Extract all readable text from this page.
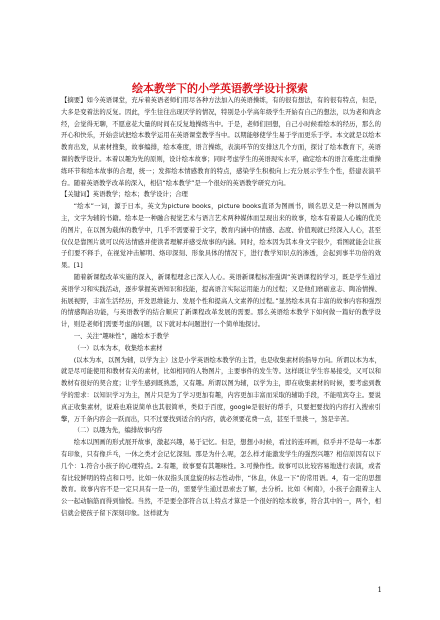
​
绘本教学下的小学英语教学设计探索

【摘要】如今英语课堂，充斥着英语老师们用尽各种方法加入的英语操练，有的很有想法，有的很有特点，但是，大多是变着法的反复。因此，学生往往出现厌学的情况，特别是小学高年级学生开始有自己的想法，以为老和尚念经，会觉得无聊，不愿意花大量的时间在反复地操练当中。于是，老师们回想，自己小时候看绘本的经历，那么的开心和快乐，开始尝试把绘本教学运用在英语课堂教学当中。以期能够使学生易于学而更乐于学。本文就是以绘本教育出发，从素材搜集，故事编排，绘本难度，语言操练，表演环节的安排这几个方面，探讨了绘本教育下，英语课的教学设计。本着以趣为先的原则，设计绘本故事；同时考虑学生的英语现实水平，确定绘本的语言难度;注重操练环节和绘本故事的合理，统一；发挥绘本情感教育的特点，感染学生积极向上;充分展示学生个性，搭建表演平台。随着英语教学改革的深入，相信“绘本教学”是一个很好的英语教学研究方向。

【关键词】英语教学；绘本；教学设计；合理

“绘本”一词，源于日本，英文为picture books，picture books直译为图画书，顾名思义是一种以图画为主，文字为辅的书籍。绘本是一种融合视觉艺术与语言艺术两种媒体而呈现出来的故事，绘本有着最人心魄的优美的图片，在以图为载体的教学中，几乎不需要着于文字，教育内涵中的情感、态度、价值观就已经深入人心，甚至仅仅是靠图片就可以传达情感并使读者理解并感受故事的内涵。同时，绘本因为其本身文字很少，看图就能会让孩子们要不释手，在视觉冲击解明、烙印深刻、形象具体的情况下，进行教学知识点的渗透，会起到事半功倍的效果。[1]

随着新课程改革实施的深入，新课程理念已深入人心。英语新课程标准强调“英语课程的学习，既是学生通过英语学习和实践活动，逐步掌握英语知识和技能，提高语言实际运用能力的过程；又是他们磨砺意志、陶冶情操、拓展视野，丰富生活经历，开发思维能力、发展个性和提高人文素养的过程。”显然绘本具有丰富的故事内容和强烈的情感陶冶功能，与英语教学的结合顺应了新课程改革发展的需要。那么英语绘本教学下如何做一篇好的教学设计，则是老师们需要考虑的问题，以下就对本问题进行一个简单地探讨。

一、关注“趣味性”，融绘本于教学

（一）以本为本，收集绘本素材

(以本为本，以图为辅，以学为主）这是小学英语绘本教学的主旨，也是收集素材的指导方向。所谓以本为本，就是尽可能使用和教材有关的素材，比如相同的人物图片，主要事件的发生等。这样既让学生容易接受，又可以和教材有很好的契合度；让学生感到既熟悉，又有趣。所谓以图为辅，以学为主，即在收集素材的时候，要考虑到教学的需求：以知识学习为主，图片只是为了学习更加有趣，内容更加丰富而采取的辅助手段，不能喧宾夺主。要说真正收集素材，说难也难说简单也其很简单，类似于百度，google是很好的帮手，只要把要找的内容打入搜索引擎，万千条内容会一跃而出，只不过要找到适合的内容，就必须要花费一点，甚至千里挑一，煞是辛苦。

（二）以趣为先，编排故事内容

绘本以图画的形式展开故事，激起兴趣，易于记忆。但是，想想小时候，看过的连环画，似乎并不是每一本都有印象，只有像乒乓，一休之类才会记忆深刻。那是为什么呢，怎么样才能激发学生的强烈兴趣？相信原因有以下几个：1.符合小孩子的心理特点。2.有趣，故事要有其趣味性。3.可操作性。故事可以比较容易地进行表演，或者有比较鲜明的特点和口号。比如一休双指头顶盘旋的标志性动作，“休息，休息一下”的常用语。4，有一定的思想教育。故事内容不是一定只具有一是一的，需要学生通过思索去了解，去分析。比如《柯南》，小孩子会跟着主人公一起动脑筋而得到愉悦。当然，不是要全部符合以上特点才算是一个很好的绘本故事，符合其中的一，两个，相信就会使孩子留下深刻印象。这样就为

1
